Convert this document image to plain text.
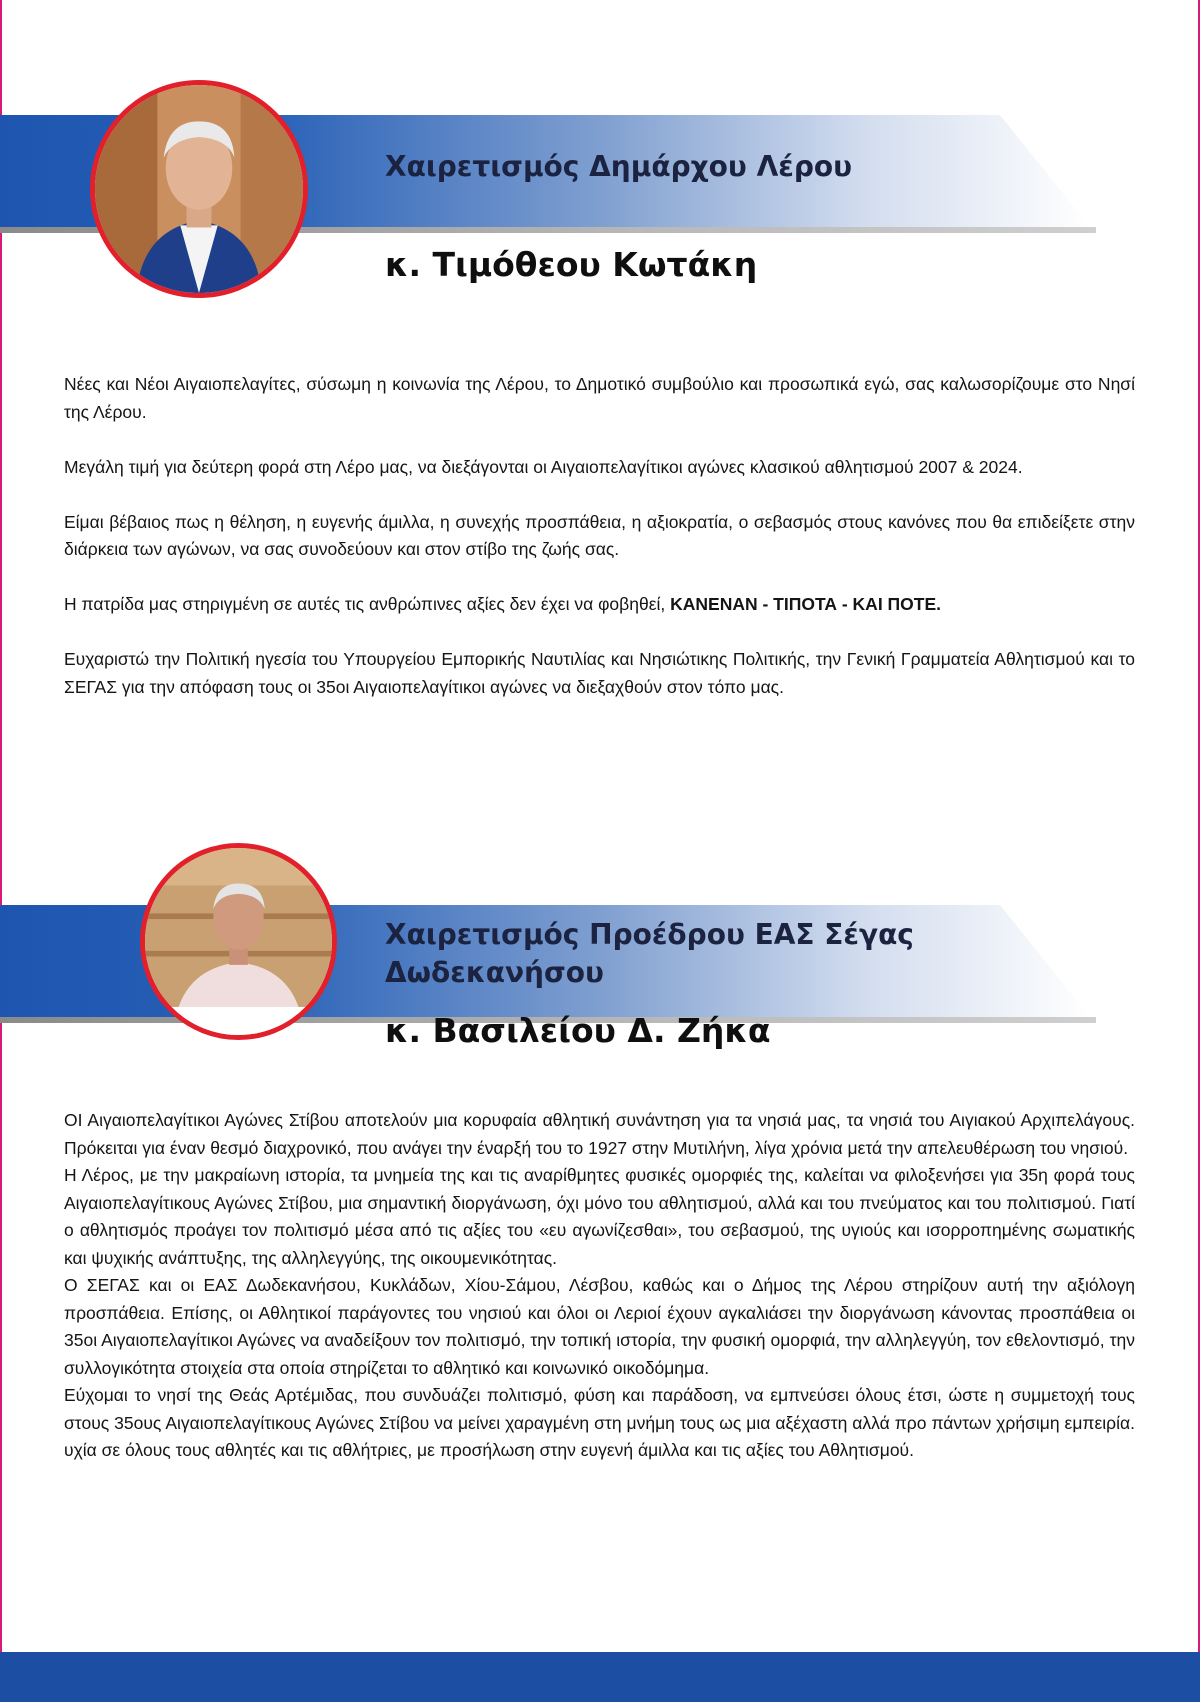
Χαιρετισμός Δημάρχου Λέρου
κ. Τιμόθεου Κωτάκη

Νέες και Νέοι Αιγαιοπελαγίτες, σύσωμη η κοινωνία της Λέρου, το Δημοτικό συμβούλιο και προσωπικά εγώ, σας καλωσορίζουμε στο Νησί της Λέρου.

Μεγάλη τιμή για δεύτερη φορά στη Λέρο μας, να διεξάγονται οι Αιγαιοπελαγίτικοι αγώνες κλασικού αθλητισμού 2007 & 2024.

Είμαι βέβαιος πως η θέληση, η ευγενής άμιλλα, η συνεχής προσπάθεια, η αξιοκρατία, ο σεβασμός στους κανόνες που θα επιδείξετε στην διάρκεια των αγώνων, να σας συνοδεύουν και στον στίβο της ζωής σας.

Η πατρίδα μας στηριγμένη σε αυτές τις ανθρώπινες αξίες δεν έχει να φοβηθεί, ΚΑΝΕΝΑΝ - ΤΙΠΟΤΑ - ΚΑΙ ΠΟΤΕ.

Ευχαριστώ την Πολιτική ηγεσία του Υπουργείου Εμπορικής Ναυτιλίας και Νησιώτικης Πολιτικής, την Γενική Γραμματεία Αθλητισμού και το ΣΕΓΑΣ για την απόφαση τους οι 35οι Αιγαιοπελαγίτικοι αγώνες να διεξαχθούν στον τόπο μας.

Χαιρετισμός Προέδρου ΕΑΣ Σέγας Δωδεκανήσου
κ. Βασιλείου Δ. Ζήκα

ΟΙ Αιγαιοπελαγίτικοι Αγώνες Στίβου αποτελούν μια κορυφαία αθλητική συνάντηση για τα νησιά μας, τα νησιά του Αιγιακού Αρχιπελάγους. Πρόκειται για έναν θεσμό διαχρονικό, που ανάγει την έναρξή του το 1927 στην Μυτιλήνη, λίγα χρόνια μετά την απελευθέρωση του νησιού.

Η Λέρος, με την μακραίωνη ιστορία, τα μνημεία της και τις αναρίθμητες φυσικές ομορφιές της, καλείται να φιλοξενήσει για 35η φορά τους Αιγαιοπελαγίτικους Αγώνες Στίβου, μια σημαντική διοργάνωση, όχι μόνο του αθλητισμού, αλλά και του πνεύματος και του πολιτισμού. Γιατί ο αθλητισμός προάγει τον πολιτισμό μέσα από τις αξίες του «ευ αγωνίζεσθαι», του σεβασμού, της υγιούς και ισορροπημένης σωματικής και ψυχικής ανάπτυξης, της αλληλεγγύης, της οικουμενικότητας.

Ο ΣΕΓΑΣ και οι ΕΑΣ Δωδεκανήσου, Κυκλάδων, Χίου-Σάμου, Λέσβου, καθώς και ο Δήμος της Λέρου στηρίζουν αυτή την αξιόλογη προσπάθεια. Επίσης, οι Αθλητικοί παράγοντες του νησιού και όλοι οι Λεριοί έχουν αγκαλιάσει την διοργάνωση κάνοντας προσπάθεια οι 35οι Αιγαιοπελαγίτικοι Αγώνες να αναδείξουν τον πολιτισμό, την τοπική ιστορία, την φυσική ομορφιά, την αλληλεγγύη, τον εθελοντισμό, την συλλογικότητα στοιχεία στα οποία στηρίζεται το αθλητικό και κοινωνικό οικοδόμημα.

Εύχομαι το νησί της Θεάς Αρτέμιδας, που συνδυάζει πολιτισμό, φύση και παράδοση, να εμπνεύσει όλους έτσι, ώστε η συμμετοχή τους στους 35ους Αιγαιοπελαγίτικους Αγώνες Στίβου να μείνει χαραγμένη στη μνήμη τους ως μια αξέχαστη αλλά προ πάντων χρήσιμη εμπειρία. υχία σε όλους τους αθλητές και τις αθλήτριες, με προσήλωση στην ευγενή άμιλλα και τις αξίες του Αθλητισμού.
